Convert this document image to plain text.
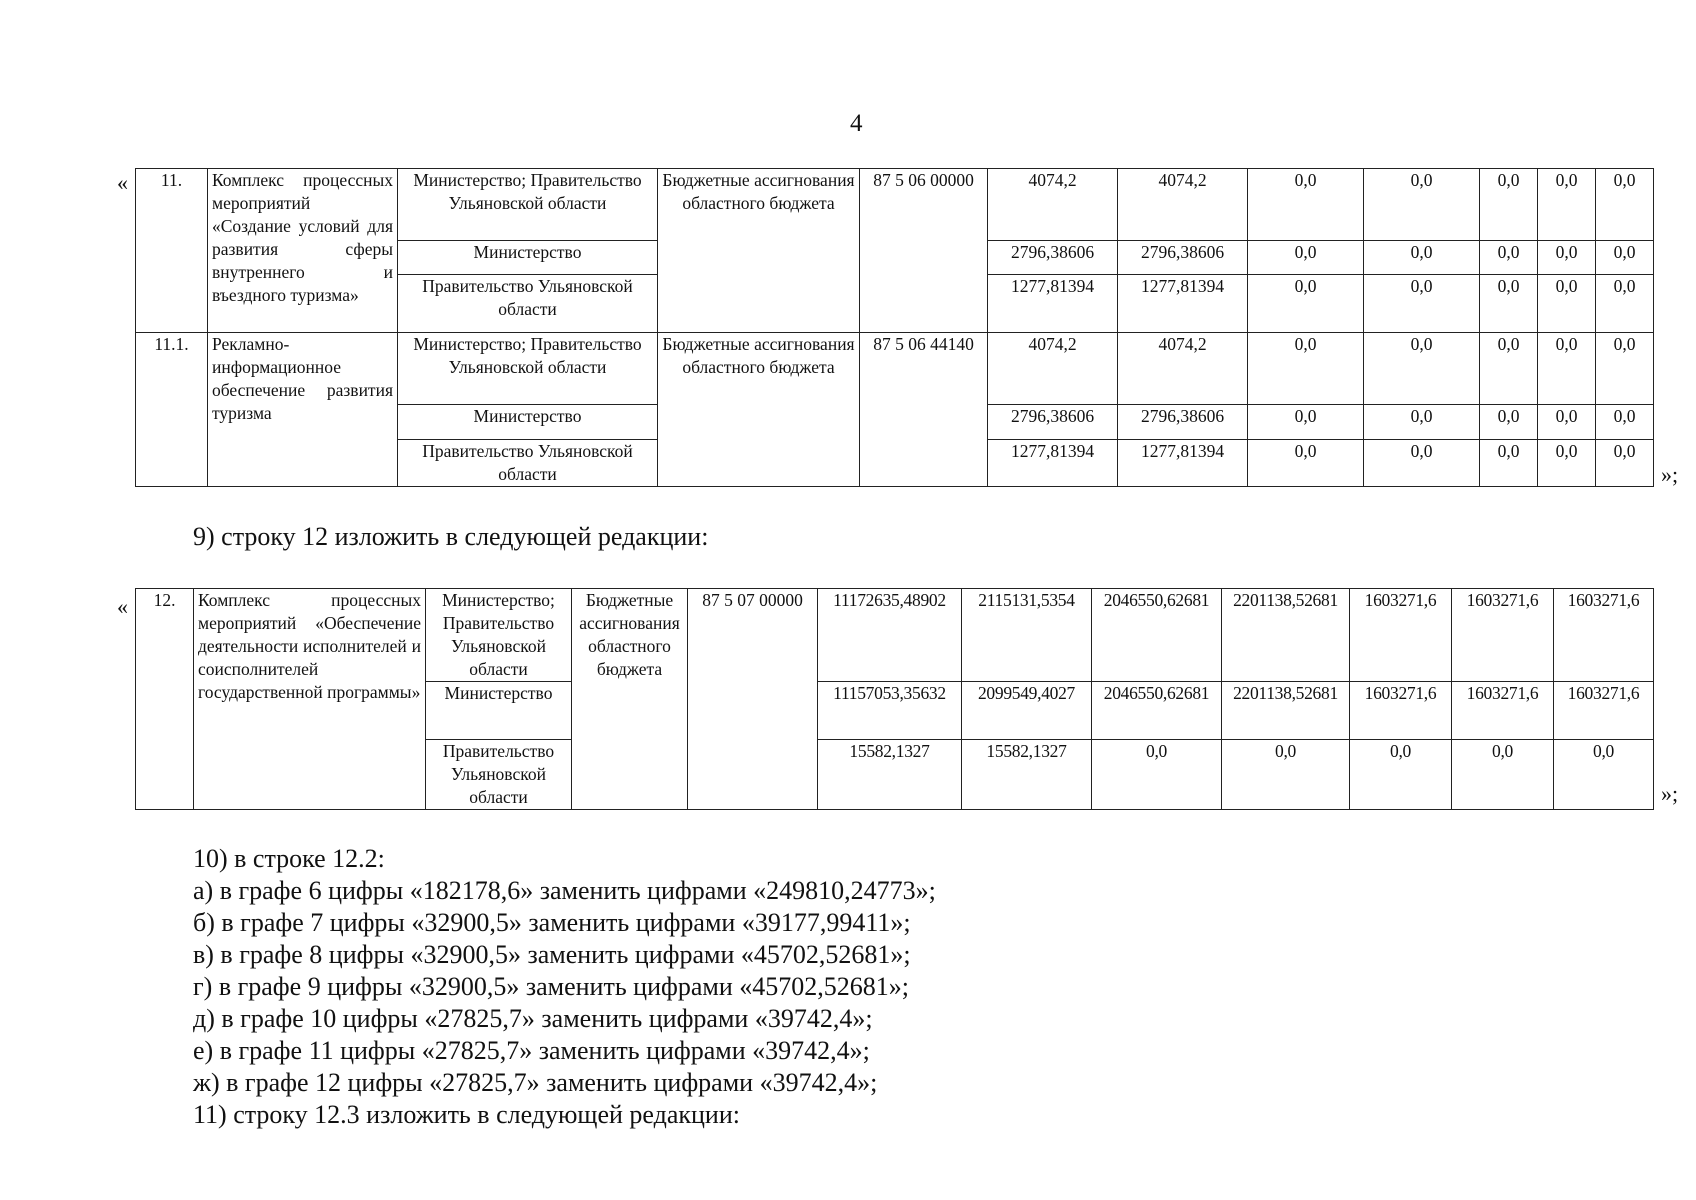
4
« 11.	Комплекс процессных мероприятий «Создание условий для развития сферы внутреннего и въездного туризма»	Министерство; Правительство Ульяновской области	Бюджетные ассигнования областного бюджета	87 5 06 00000	4074,2	4074,2	0,0	0,0	0,0	0,0	0,0
		Министерство			2796,38606	2796,38606	0,0	0,0	0,0	0,0	0,0
		Правительство Ульяновской области			1277,81394	1277,81394	0,0	0,0	0,0	0,0	0,0
11.1.	Рекламно-информационное обеспечение развития туризма	Министерство; Правительство Ульяновской области	Бюджетные ассигнования областного бюджета	87 5 06 44140	4074,2	4074,2	0,0	0,0	0,0	0,0	0,0
		Министерство			2796,38606	2796,38606	0,0	0,0	0,0	0,0	0,0
		Правительство Ульяновской области			1277,81394	1277,81394	0,0	0,0	0,0	0,0	0,0
»;
9) строку 12 изложить в следующей редакции:
« 12.	Комплекс процессных мероприятий «Обеспечение деятельности исполнителей и соисполнителей государственной программы»	Министерство; Правительство Ульяновской области	Бюджетные ассигнования областного бюджета	87 5 07 00000	11172635,48902	2115131,5354	2046550,62681	2201138,52681	1603271,6	1603271,6	1603271,6
		Министерство			11157053,35632	2099549,4027	2046550,62681	2201138,52681	1603271,6	1603271,6	1603271,6
		Правительство Ульяновской области			15582,1327	15582,1327	0,0	0,0	0,0	0,0	0,0
»;
10) в строке 12.2:
а) в графе 6 цифры «182178,6» заменить цифрами «249810,24773»;
б) в графе 7 цифры «32900,5» заменить цифрами «39177,99411»;
в) в графе 8 цифры «32900,5» заменить цифрами «45702,52681»;
г) в графе 9 цифры «32900,5» заменить цифрами «45702,52681»;
д) в графе 10 цифры «27825,7» заменить цифрами «39742,4»;
е) в графе 11 цифры «27825,7» заменить цифрами «39742,4»;
ж) в графе 12 цифры «27825,7» заменить цифрами «39742,4»;
11) строку 12.3 изложить в следующей редакции:
